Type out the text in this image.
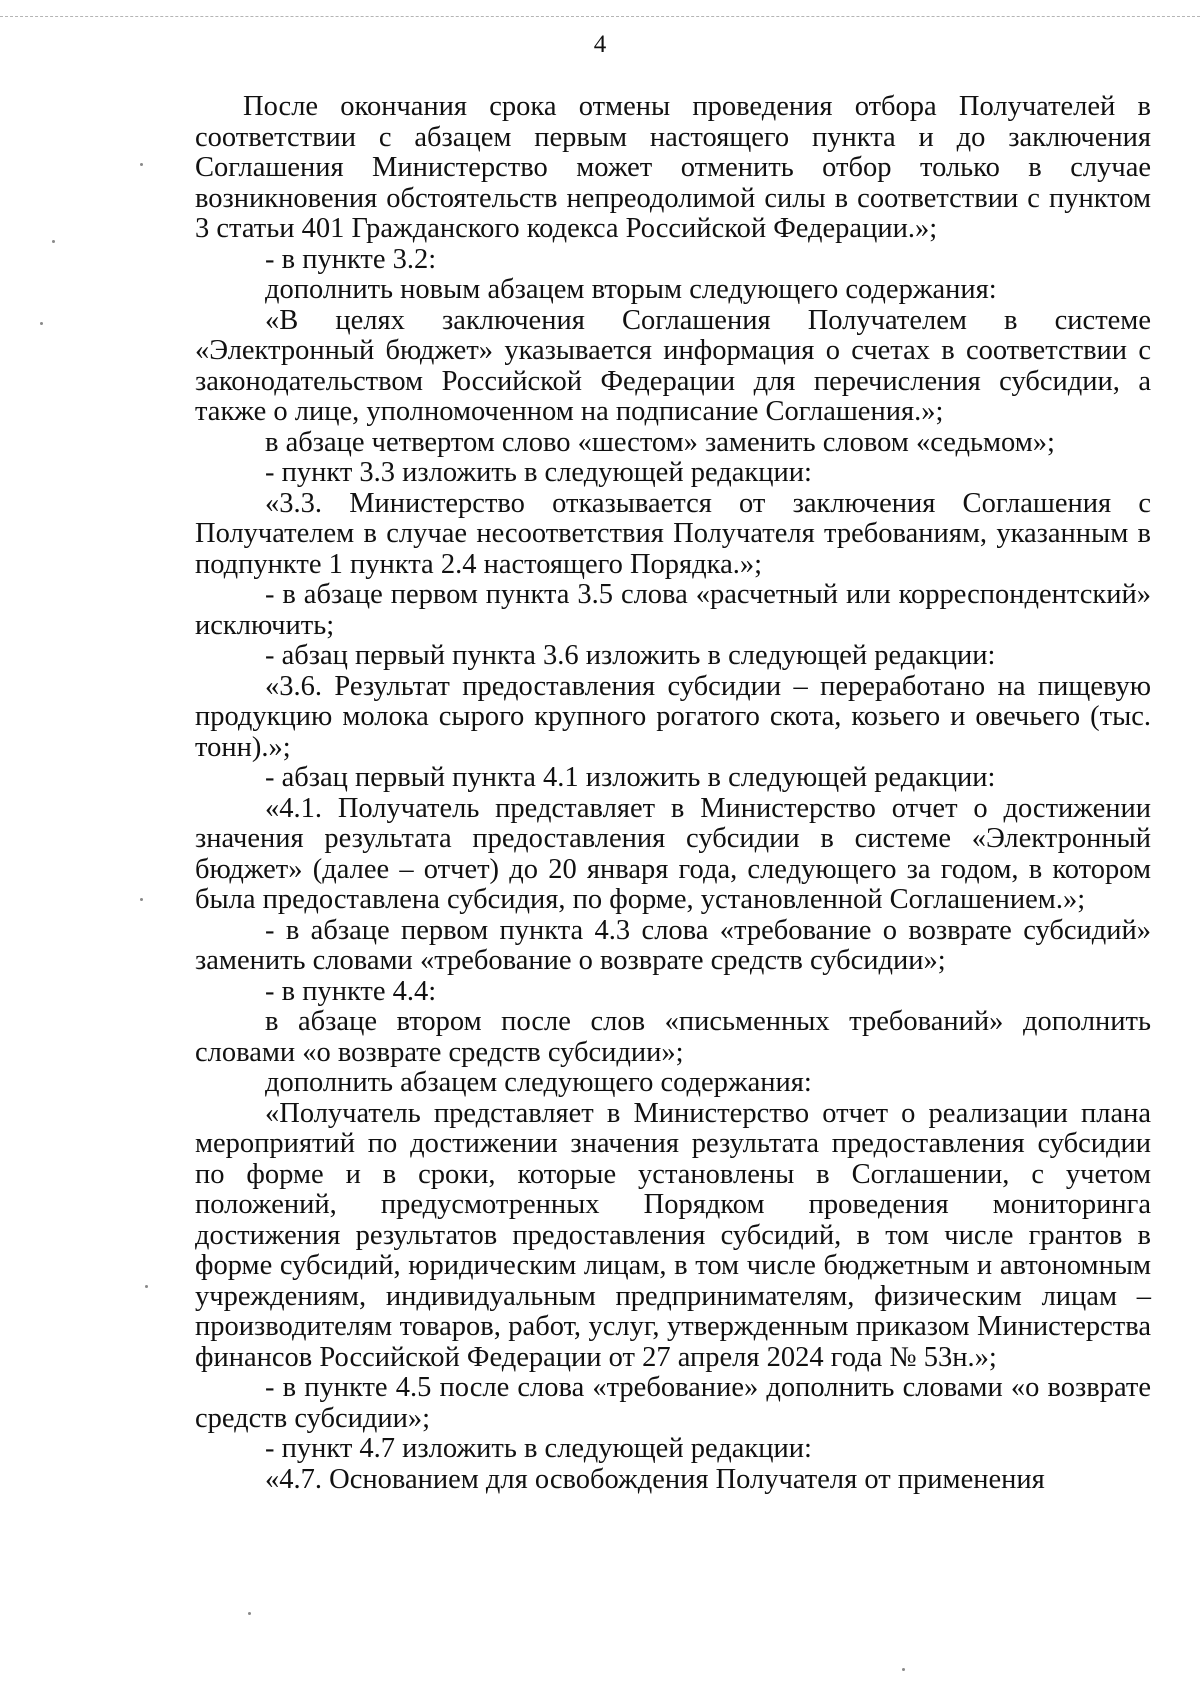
4

После окончания срока отмены проведения отбора Получателей в соответствии с абзацем первым настоящего пункта и до заключения Соглашения Министерство может отменить отбор только в случае возникновения обстоятельств непреодолимой силы в соответствии с пунктом 3 статьи 401 Гражданского кодекса Российской Федерации.»;

- в пункте 3.2:

дополнить новым абзацем вторым следующего содержания:

«В целях заключения Соглашения Получателем в системе «Электронный бюджет» указывается информация о счетах в соответствии с законодательством Российской Федерации для перечисления субсидии, а также о лице, уполномоченном на подписание Соглашения.»;

в абзаце четвертом слово «шестом» заменить словом «седьмом»;

- пункт 3.3 изложить в следующей редакции:

«3.3. Министерство отказывается от заключения Соглашения с Получателем в случае несоответствия Получателя требованиям, указанным в подпункте 1 пункта 2.4 настоящего Порядка.»;

- в абзаце первом пункта 3.5 слова «расчетный или корреспондентский» исключить;

- абзац первый пункта 3.6 изложить в следующей редакции:

«3.6. Результат предоставления субсидии – переработано на пищевую продукцию молока сырого крупного рогатого скота, козьего и овечьего (тыс. тонн).»;

- абзац первый пункта 4.1 изложить в следующей редакции:

«4.1. Получатель представляет в Министерство отчет о достижении значения результата предоставления субсидии в системе «Электронный бюджет» (далее – отчет) до 20 января года, следующего за годом, в котором была предоставлена субсидия, по форме, установленной Соглашением.»;

- в абзаце первом пункта 4.3 слова «требование о возврате субсидий» заменить словами «требование о возврате средств субсидии»;

- в пункте 4.4:

в абзаце втором после слов «письменных требований» дополнить словами «о возврате средств субсидии»;

дополнить абзацем следующего содержания:

«Получатель представляет в Министерство отчет о реализации плана мероприятий по достижении значения результата предоставления субсидии по форме и в сроки, которые установлены в Соглашении, с учетом положений, предусмотренных Порядком проведения мониторинга достижения результатов предоставления субсидий, в том числе грантов в форме субсидий, юридическим лицам, в том числе бюджетным и автономным учреждениям, индивидуальным предпринимателям, физическим лицам – производителям товаров, работ, услуг, утвержденным приказом Министерства финансов Российской Федерации от 27 апреля 2024 года № 53н.»;

- в пункте 4.5 после слова «требование» дополнить словами «о возврате средств субсидии»;

- пункт 4.7 изложить в следующей редакции:

«4.7. Основанием для освобождения Получателя от применения
